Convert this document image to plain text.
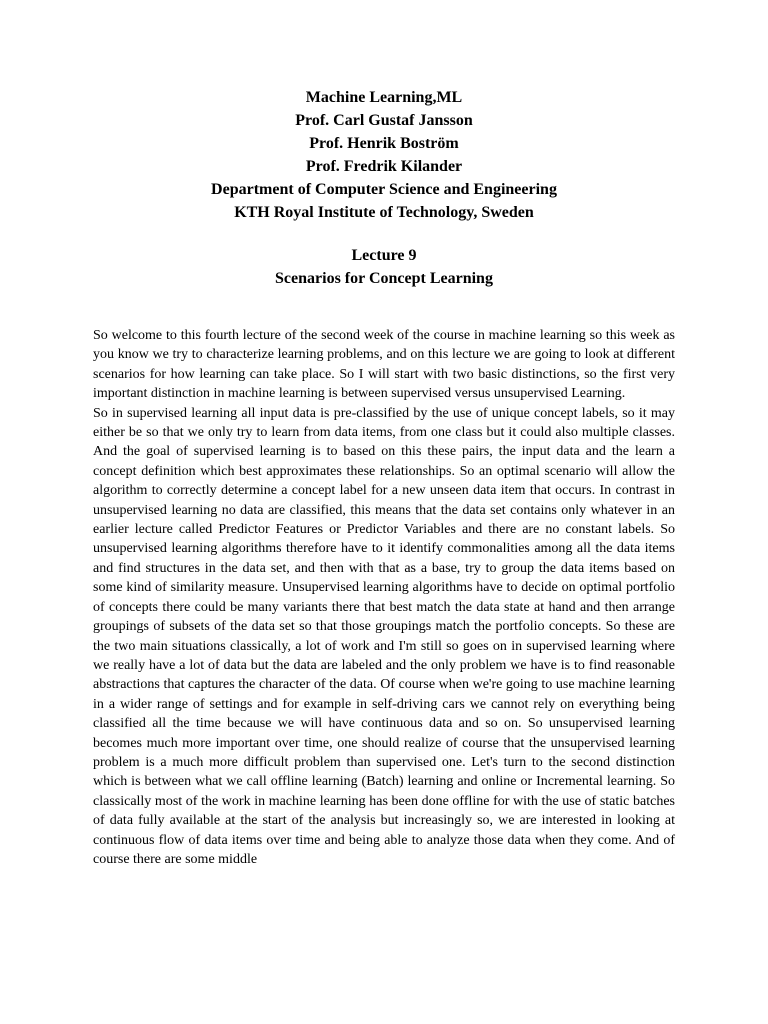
Machine Learning,ML
Prof. Carl Gustaf Jansson
Prof. Henrik Boström
Prof. Fredrik Kilander
Department of Computer Science and Engineering
KTH Royal Institute of Technology, Sweden
Lecture 9
Scenarios for Concept Learning

So welcome to this fourth lecture of the second week of the course in machine learning so this week as you know we try to characterize learning problems, and on this lecture we are going to look at different scenarios for how learning can take place. So I will start with two basic distinctions, so the first very important distinction in machine learning is between supervised versus unsupervised Learning.

So in supervised learning all input data is pre-classified by the use of unique concept labels, so it may either be so that we only try to learn from data items, from one class but it could also multiple classes. And the goal of supervised learning is to based on this these pairs, the input data and the learn a concept definition which best approximates these relationships. So an optimal scenario will allow the algorithm to correctly determine a concept label for a new unseen data item that occurs. In contrast in unsupervised learning no data are classified, this means that the data set contains only whatever in an earlier lecture called Predictor Features or Predictor Variables and there are no constant labels. So unsupervised learning algorithms therefore have to it identify commonalities among all the data items and find structures in the data set, and then with that as a base, try to group the data items based on some kind of similarity measure. Unsupervised learning algorithms have to decide on optimal portfolio of concepts there could be many variants there that best match the data state at hand and then arrange groupings of subsets of the data set so that those groupings match the portfolio concepts. So these are the two main situations classically, a lot of work and I'm still so goes on in supervised learning where we really have a lot of data but the data are labeled and the only problem we have is to find reasonable abstractions that captures the character of the data. Of course when we're going to use machine learning in a wider range of settings and for example in self-driving cars we cannot rely on everything being classified all the time because we will have continuous data and so on. So unsupervised learning becomes much more important over time, one should realize of course that the unsupervised learning problem is a much more difficult problem than supervised one. Let's turn to the second distinction which is between what we call offline learning (Batch) learning and online or Incremental learning. So classically most of the work in machine learning has been done offline for with the use of static batches of data fully available at the start of the analysis but increasingly so, we are interested in looking at continuous flow of data items over time and being able to analyze those data when they come. And of course there are some middle
